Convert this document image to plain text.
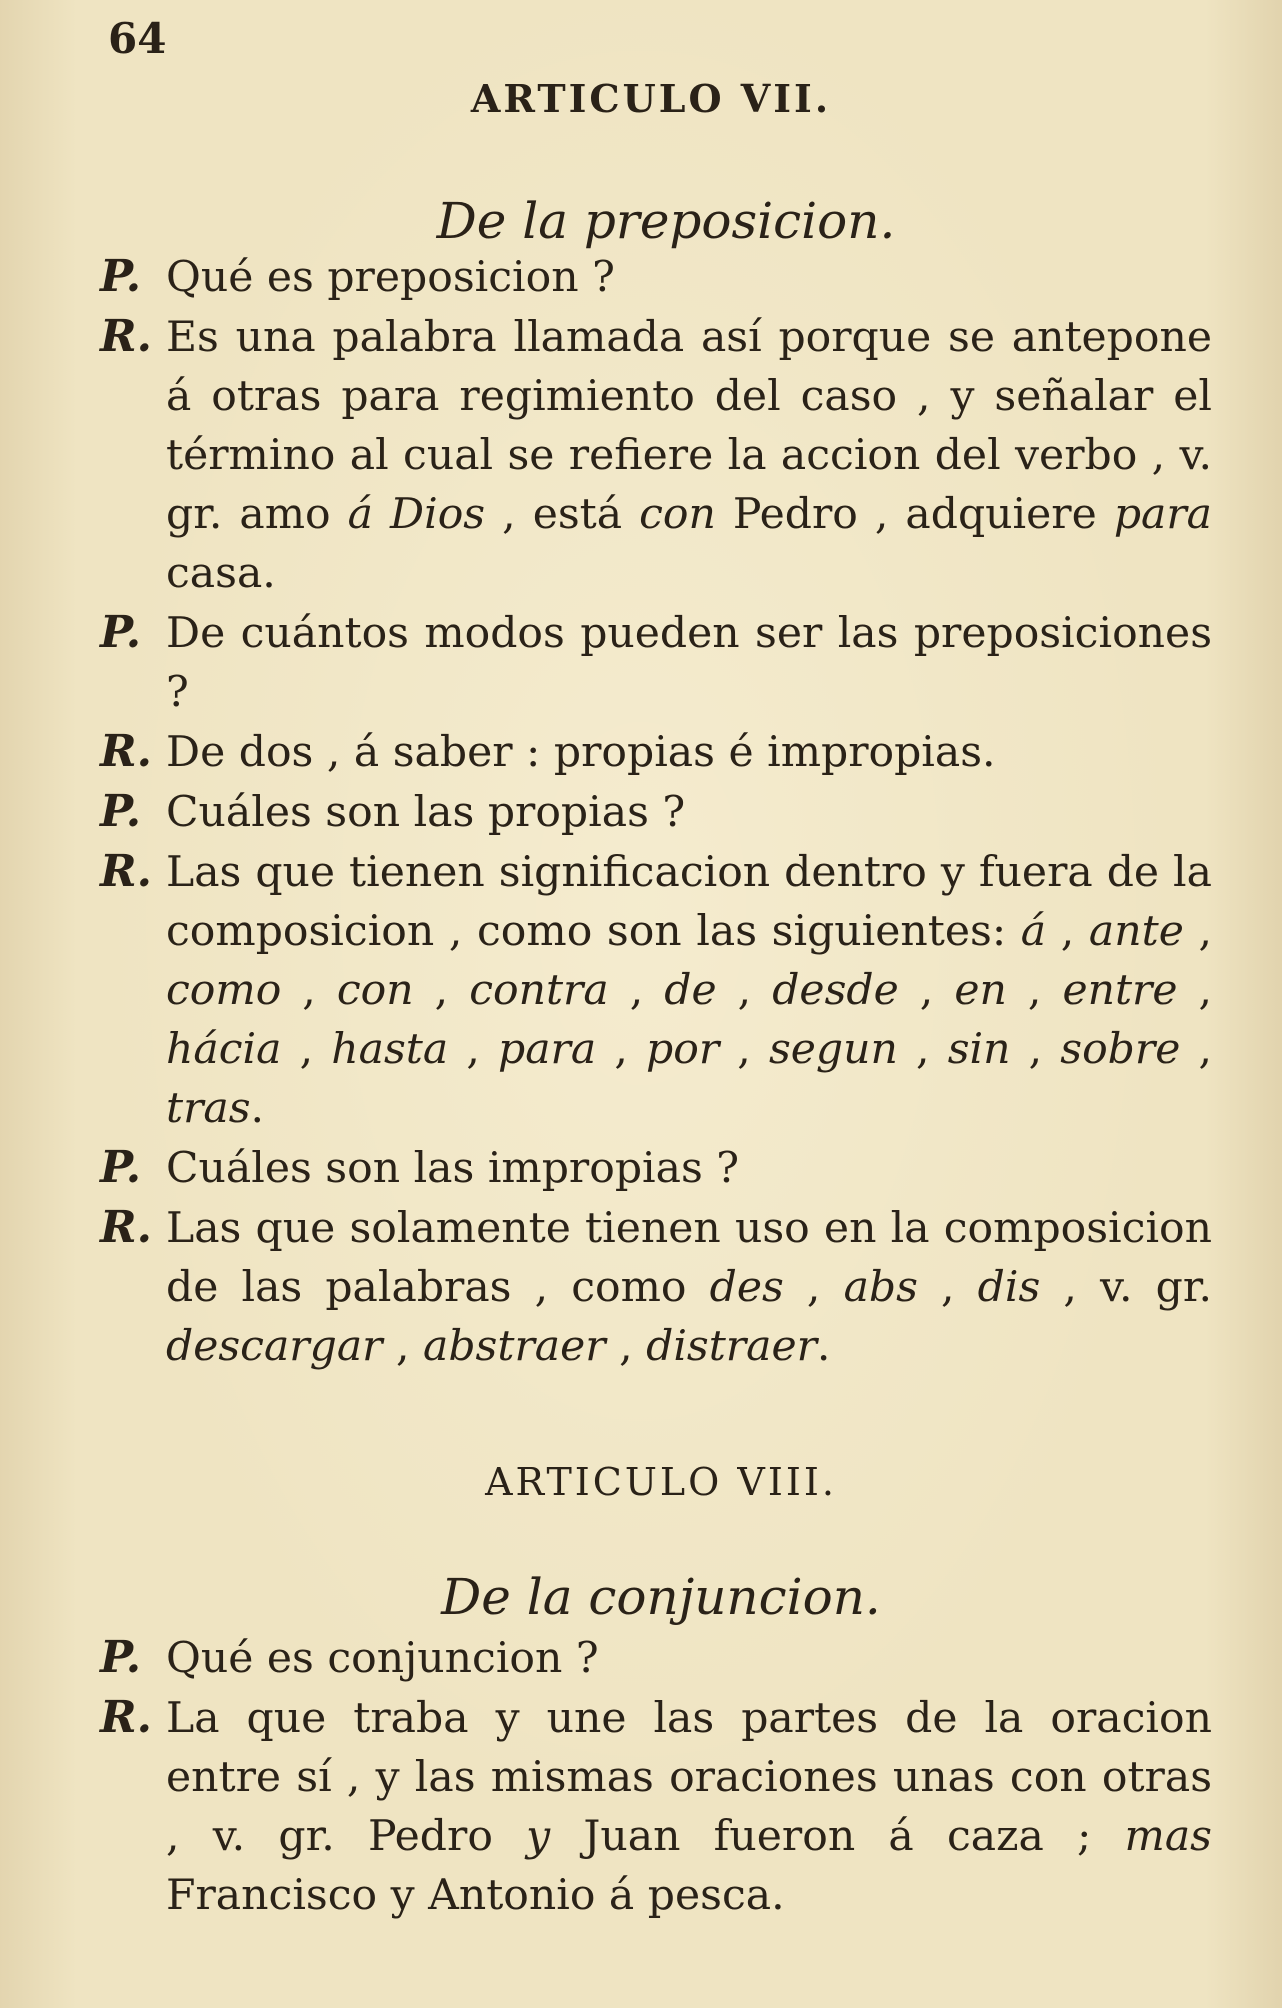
64
ARTICULO VII.
De la preposicion.

P. Qué es preposicion ?

R. Es una palabra llamada así porque se antepone á otras para regimiento del caso , y señalar el término al cual se refiere la accion del verbo , v. gr. amo á Dios , está con Pedro , adquiere para casa.

P. De cuántos modos pueden ser las preposiciones ?

R. De dos , á saber : propias é impropias.

P. Cuáles son las propias ?

R. Las que tienen significacion dentro y fuera de la composicion , como son las siguientes: á , ante , como , con , contra , de , desde , en , entre , hácia , hasta , para , por , segun , sin , sobre , tras.

P. Cuáles son las impropias ?

R. Las que solamente tienen uso en la composicion de las palabras , como des , abs , dis , v. gr. descargar , abstraer , distraer.

ARTICULO VIII.
De la conjuncion.

P. Qué es conjuncion ?

R. La que traba y une las partes de la oracion entre sí , y las mismas oraciones unas con otras , v. gr. Pedro y Juan fueron á caza ; mas Francisco y Antonio á pesca.
